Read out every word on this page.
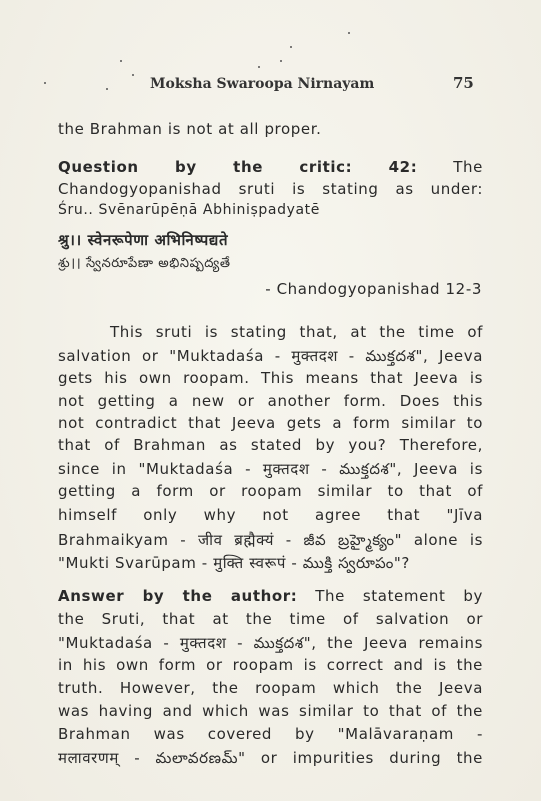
Moksha Swaroopa Nirnayam	75
the Brahman is not at all proper.
Question by the critic: 42: The
Chandogyopanishad sruti is stating as under:
Śru.. Svēnarūpēṇā Abhiniṣpadyatē
श्रु।। स्वेनरूपेणा अभिनिष्पद्यते
శ్రు।। స్వేనరూపేణా అభినిష్పద్యతే
- Chandogyopanishad 12-3
This sruti is stating that, at the time of
salvation or "Muktadaśa - मुक्तदश - ముక్తదశ", Jeeva
gets his own roopam. This means that Jeeva is
not getting a new or another form. Does this
not contradict that Jeeva gets a form similar to
that of Brahman as stated by you? Therefore,
since in "Muktadaśa - मुक्तदश - ముక్తదశ", Jeeva is
getting a form or roopam similar to that of
himself only why not agree that "Jīva
Brahmaikyam - जीव ब्रह्मैक्यं - జీవ బ్రహ్మైక్యం" alone is
"Mukti Svarūpam - मुक्ति स्वरूपं - ముక్తి స్వరూపం"?
Answer by the author: The statement by
the Sruti, that at the time of salvation or
"Muktadaśa - मुक्तदश - ముక్తదశ", the Jeeva remains
in his own form or roopam is correct and is the
truth. However, the roopam which the Jeeva
was having and which was similar to that of the
Brahman was covered by "Malāvaraṇam -
मलावरणम् - మలావరణమ్" or impurities during the
